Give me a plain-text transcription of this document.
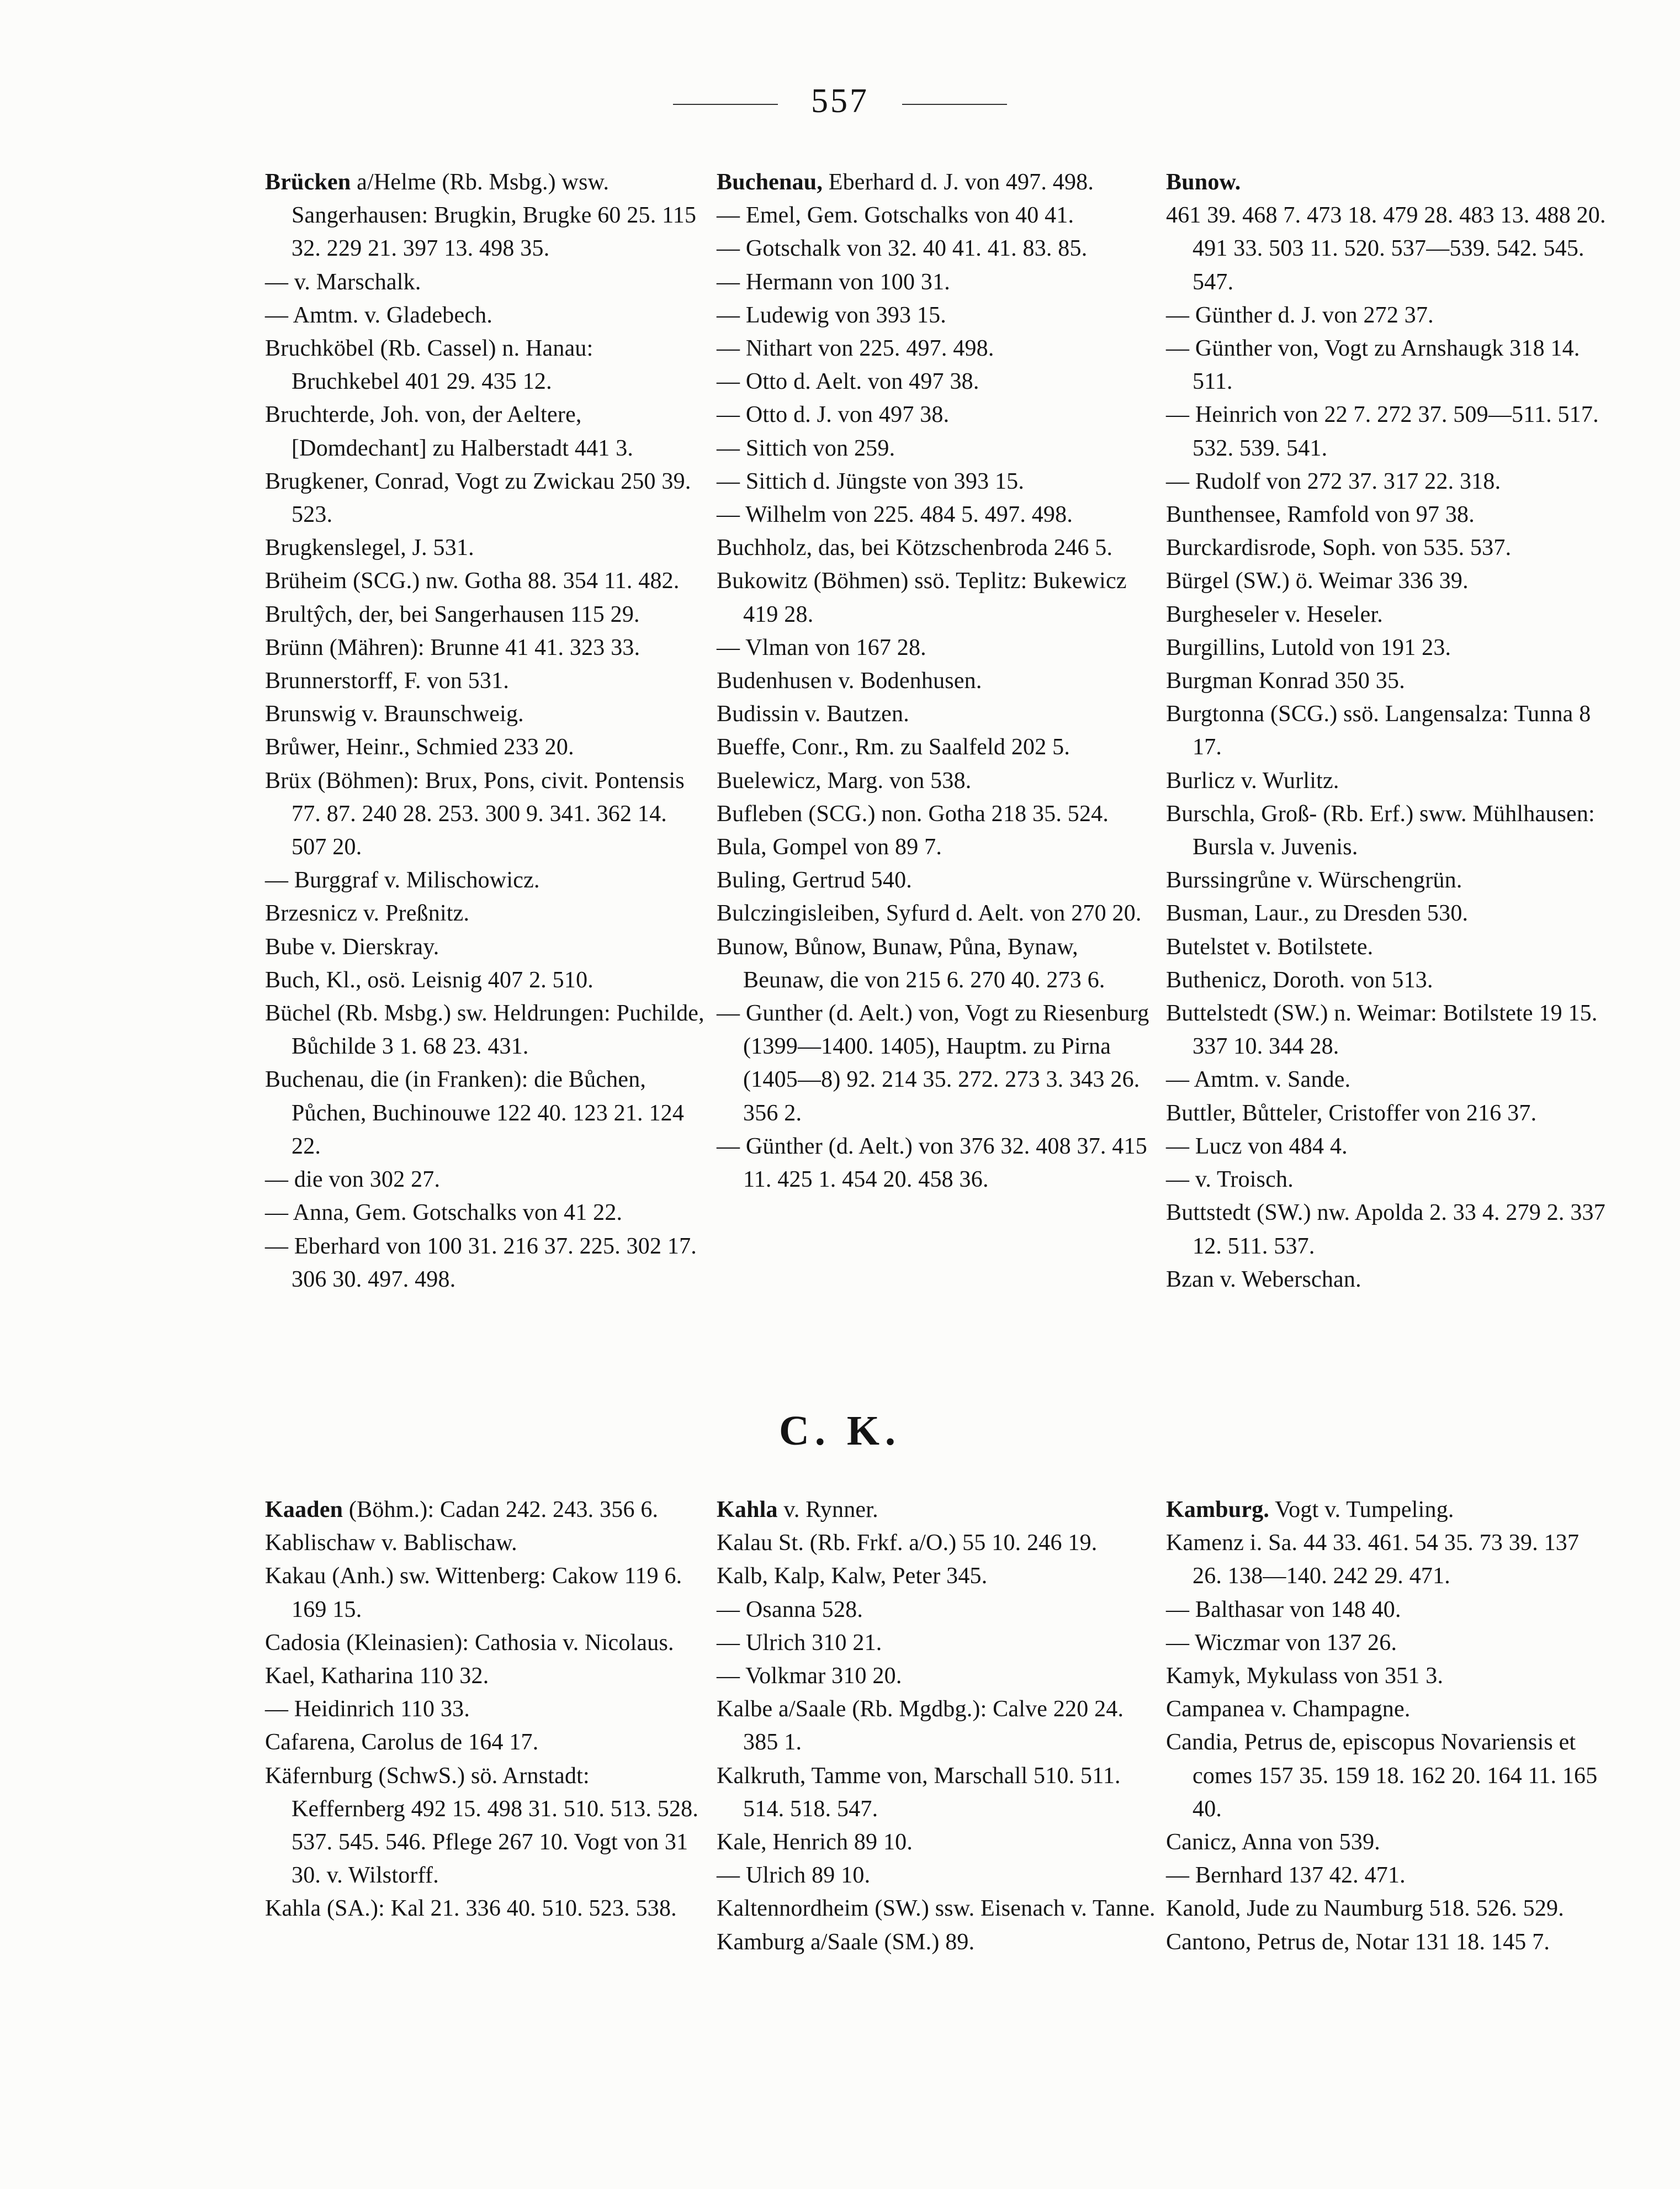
557

Brücken a/Helme (Rb. Msbg.) wsw. Sangerhausen: Brugkin, Brugke 60 25. 115 32. 229 21. 397 13. 498 35.

— v. Marschalk.

— Amtm. v. Gladebech.

Bruchköbel (Rb. Cassel) n. Hanau: Bruchkebel 401 29. 435 12.

Bruchterde, Joh. von, der Aeltere, [Domdechant] zu Halberstadt 441 3.

Brugkener, Conrad, Vogt zu Zwickau 250 39. 523.

Brugkenslegel, J. 531.

Brüheim (SCG.) nw. Gotha 88. 354 11. 482.

Brultŷch, der, bei Sangerhausen 115 29.

Brünn (Mähren): Brunne 41 41. 323 33.

Brunnerstorff, F. von 531.

Brunswig v. Braunschweig.

Brůwer, Heinr., Schmied 233 20.

Brüx (Böhmen): Brux, Pons, civit. Pontensis 77. 87. 240 28. 253. 300 9. 341. 362 14. 507 20.

— Burggraf v. Milischowicz.

Brzesnicz v. Preßnitz.

Bube v. Dierskray.

Buch, Kl., osö. Leisnig 407 2. 510.

Büchel (Rb. Msbg.) sw. Heldrungen: Puchilde, Bůchilde 3 1. 68 23. 431.

Buchenau, die (in Franken): die Bůchen, Půchen, Buchinouwe 122 40. 123 21. 124 22.

— die von 302 27.

— Anna, Gem. Gotschalks von 41 22.

— Eberhard von 100 31. 216 37. 225. 302 17. 306 30. 497. 498.

Buchenau, Eberhard d. J. von 497. 498.

— Emel, Gem. Gotschalks von 40 41.

— Gotschalk von 32. 40 41. 41. 83. 85.

— Hermann von 100 31.

— Ludewig von 393 15.

— Nithart von 225. 497. 498.

— Otto d. Aelt. von 497 38.

— Otto d. J. von 497 38.

— Sittich von 259.

— Sittich d. Jüngste von 393 15.

— Wilhelm von 225. 484 5. 497. 498.

Buchholz, das, bei Kötzschenbroda 246 5.

Bukowitz (Böhmen) ssö. Teplitz: Bukewicz 419 28.

— Vlman von 167 28.

Budenhusen v. Bodenhusen.

Budissin v. Bautzen.

Bueffe, Conr., Rm. zu Saalfeld 202 5.

Buelewicz, Marg. von 538.

Bufleben (SCG.) non. Gotha 218 35. 524.

Bula, Gompel von 89 7.

Buling, Gertrud 540.

Bulczingisleiben, Syfurd d. Aelt. von 270 20.

Bunow, Bůnow, Bunaw, Půna, Bynaw, Beunaw, die von 215 6. 270 40. 273 6.

— Gunther (d. Aelt.) von, Vogt zu Riesenburg (1399—1400. 1405), Hauptm. zu Pirna (1405—8) 92. 214 35. 272. 273 3. 343 26. 356 2.

— Günther (d. Aelt.) von 376 32. 408 37. 415 11. 425 1. 454 20. 458 36.

Bunow.

461 39. 468 7. 473 18. 479 28. 483 13. 488 20. 491 33. 503 11. 520. 537—539. 542. 545. 547.

— Günther d. J. von 272 37.

— Günther von, Vogt zu Arnshaugk 318 14. 511.

— Heinrich von 22 7. 272 37. 509—511. 517. 532. 539. 541.

— Rudolf von 272 37. 317 22. 318.

Bunthensee, Ramfold von 97 38.

Burckardisrode, Soph. von 535. 537.

Bürgel (SW.) ö. Weimar 336 39.

Burgheseler v. Heseler.

Burgillins, Lutold von 191 23.

Burgman Konrad 350 35.

Burgtonna (SCG.) ssö. Langensalza: Tunna 8 17.

Burlicz v. Wurlitz.

Burschla, Groß- (Rb. Erf.) sww. Mühlhausen: Bursla v. Juvenis.

Burssingrůne v. Würschengrün.

Busman, Laur., zu Dresden 530.

Butelstet v. Botilstete.

Buthenicz, Doroth. von 513.

Buttelstedt (SW.) n. Weimar: Botilstete 19 15. 337 10. 344 28.

— Amtm. v. Sande.

Buttler, Bůtteler, Cristoffer von 216 37.

— Lucz von 484 4.

— v. Troisch.

Buttstedt (SW.) nw. Apolda 2. 33 4. 279 2. 337 12. 511. 537.

Bzan v. Weberschan.

C. K.

Kaaden (Böhm.): Cadan 242. 243. 356 6.

Kablischaw v. Bablischaw.

Kakau (Anh.) sw. Wittenberg: Cakow 119 6. 169 15.

Cadosia (Kleinasien): Cathosia v. Nicolaus.

Kael, Katharina 110 32.

— Heidinrich 110 33.

Cafarena, Carolus de 164 17.

Käfernburg (SchwS.) sö. Arnstadt: Keffernberg 492 15. 498 31. 510. 513. 528. 537. 545. 546. Pflege 267 10. Vogt von 31 30. v. Wilstorff.

Kahla (SA.): Kal 21. 336 40. 510. 523. 538.

Kahla v. Rynner.

Kalau St. (Rb. Frkf. a/O.) 55 10. 246 19.

Kalb, Kalp, Kalw, Peter 345.

— Osanna 528.

— Ulrich 310 21.

— Volkmar 310 20.

Kalbe a/Saale (Rb. Mgdbg.): Calve 220 24. 385 1.

Kalkruth, Tamme von, Marschall 510. 511. 514. 518. 547.

Kale, Henrich 89 10.

— Ulrich 89 10.

Kaltennordheim (SW.) ssw. Eisenach v. Tanne.

Kamburg a/Saale (SM.) 89.

Kamburg. Vogt v. Tumpeling.

Kamenz i. Sa. 44 33. 461. 54 35. 73 39. 137 26. 138—140. 242 29. 471.

— Balthasar von 148 40.

— Wiczmar von 137 26.

Kamyk, Mykulass von 351 3.

Campanea v. Champagne.

Candia, Petrus de, episcopus Novariensis et comes 157 35. 159 18. 162 20. 164 11. 165 40.

Canicz, Anna von 539.

— Bernhard 137 42. 471.

Kanold, Jude zu Naumburg 518. 526. 529.

Cantono, Petrus de, Notar 131 18. 145 7.
